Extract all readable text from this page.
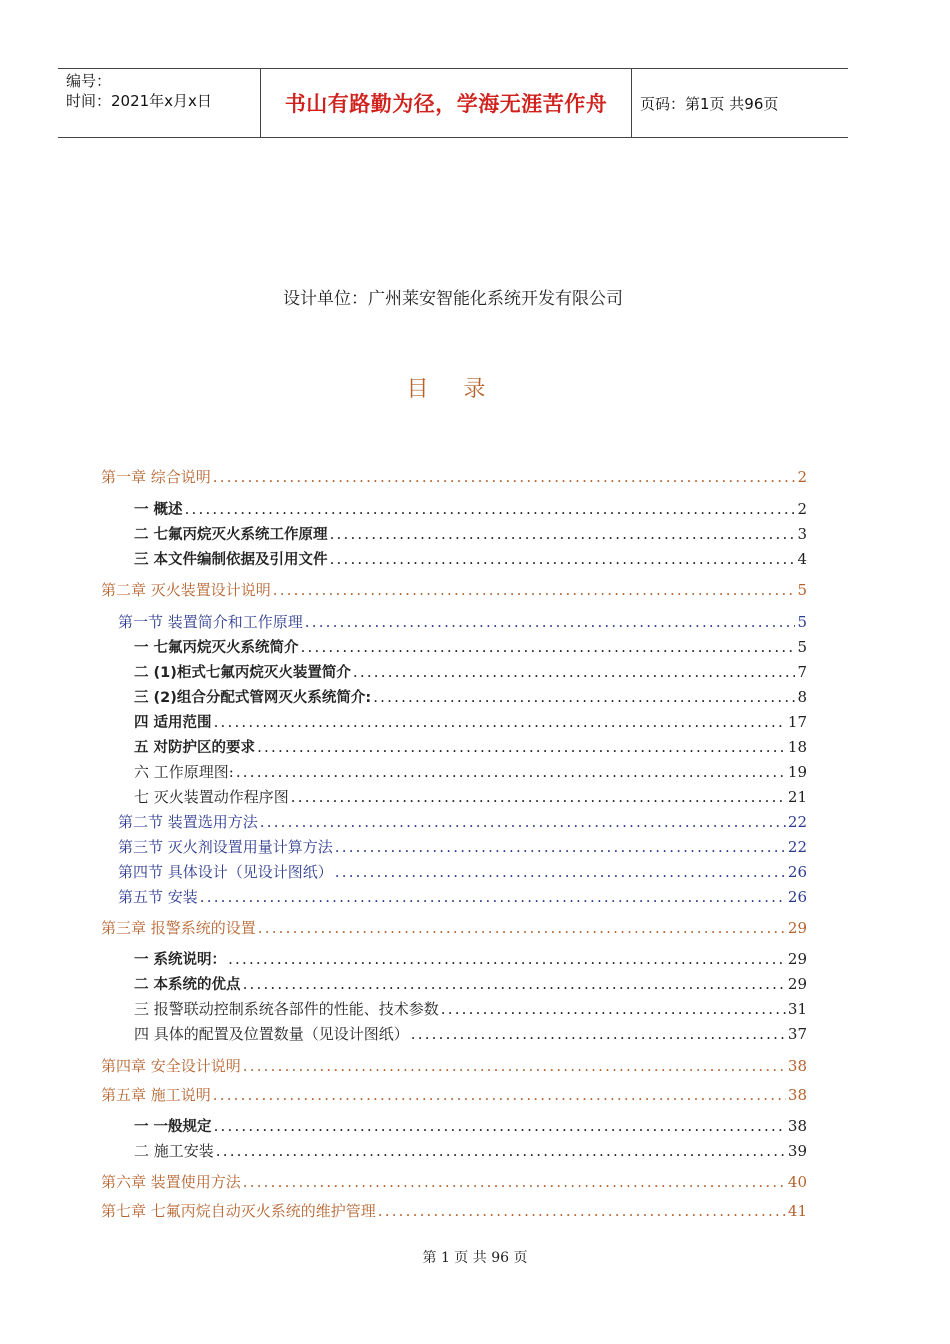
编号：
时间：2021年x月x日	书山有路勤为径，学海无涯苦作舟	页码：第1页 共96页
设计单位：广州莱安智能化系统开发有限公司
目 录
第一章 综合说明 .....	2
一 概述 .....	2
二 七氟丙烷灭火系统工作原理 .....	3
三 本文件编制依据及引用文件 .....	4
第二章 灭火装置设计说明 .....	5
第一节 装置简介和工作原理 .....	5
一 七氟丙烷灭火系统简介 .....	5
二 (1)柜式七氟丙烷灭火装置简介 .....	7
三 (2)组合分配式管网灭火系统简介: .....	8
四 适用范围 .....	17
五 对防护区的要求 .....	18
六 工作原理图: .....	19
七 灭火装置动作程序图 .....	21
第二节 装置选用方法 .....	22
第三节 灭火剂设置用量计算方法 .....	22
第四节 具体设计（见设计图纸） .....	26
第五节 安装 .....	26
第三章 报警系统的设置 .....	29
一 系统说明： .....	29
二 本系统的优点 .....	29
三 报警联动控制系统各部件的性能、技术参数 .....	31
四 具体的配置及位置数量（见设计图纸） .....	37
第四章 安全设计说明 .....	38
第五章 施工说明 .....	38
一 一般规定 .....	38
二 施工安装 .....	39
第六章 装置使用方法 .....	40
第七章 七氟丙烷自动灭火系统的维护管理 .....	41
第 1 页 共 96 页
